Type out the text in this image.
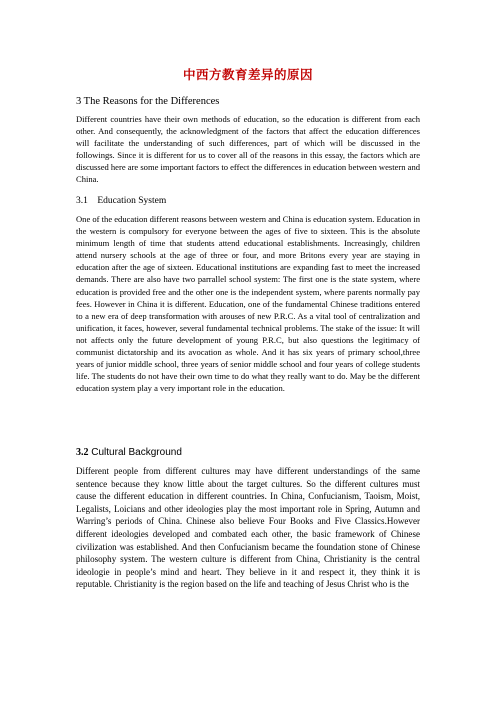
中西方教育差异的原因
3 The Reasons for the Differences

Different countries have their own methods of education, so the education is different from each other. And consequently, the acknowledgment of the factors that affect the education differences will facilitate the understanding of such differences, part of which will be discussed in the followings. Since it is different for us to cover all of the reasons in this essay, the factors which are discussed here are some important factors to effect the differences in education between western and China.

3.1    Education System

One of the education different reasons between western and China is education system. Education in the western is compulsory for everyone between the ages of five to sixteen. This is the absolute minimum length of time that students attend educational establishments. Increasingly, children attend nursery schools at the age of three or four, and more Britons every year are staying in education after the age of sixteen. Educational institutions are expanding fast to meet the increased demands. There are also have two parrallel school system: The first one is the state system, where education is provided free and the other one is the independent system, where parents normally pay fees. However in China it is different. Education, one of the fundamental Chinese traditions entered to a new era of deep transformation with arouses of new P.R.C. As a vital tool of centralization and unification, it faces, however, several fundamental technical problems. The stake of the issue: It will not affects only the future development of young P.R.C, but also questions the legitimacy of communist dictatorship and its avocation as whole. And it has six years of primary school,three years of junior middle school, three years of senior middle school and four years of college students life. The students do not have their own time to do what they really want to do. May be the different education system play a very important role in the education.

3.2 Cultural Background

Different people from different cultures may have different understandings of the same sentence because they know little about the target cultures. So the different cultures must cause the different education in different countries. In China, Confucianism, Taoism, Moist, Legalists, Loicians and other ideologies play the most important role in Spring, Autumn and Warring’s periods of China. Chinese also believe Four Books and Five Classics.However different ideologies developed and combated each other, the basic framework of Chinese civilization was established. And then Confucianism became the foundation stone of Chinese philosophy system. The western culture is different from China, Christianity is the central ideologie in people’s mind and heart. They believe in it and respect it, they think it is reputable. Christianity is the region based on the life and teaching of Jesus Christ who is the
